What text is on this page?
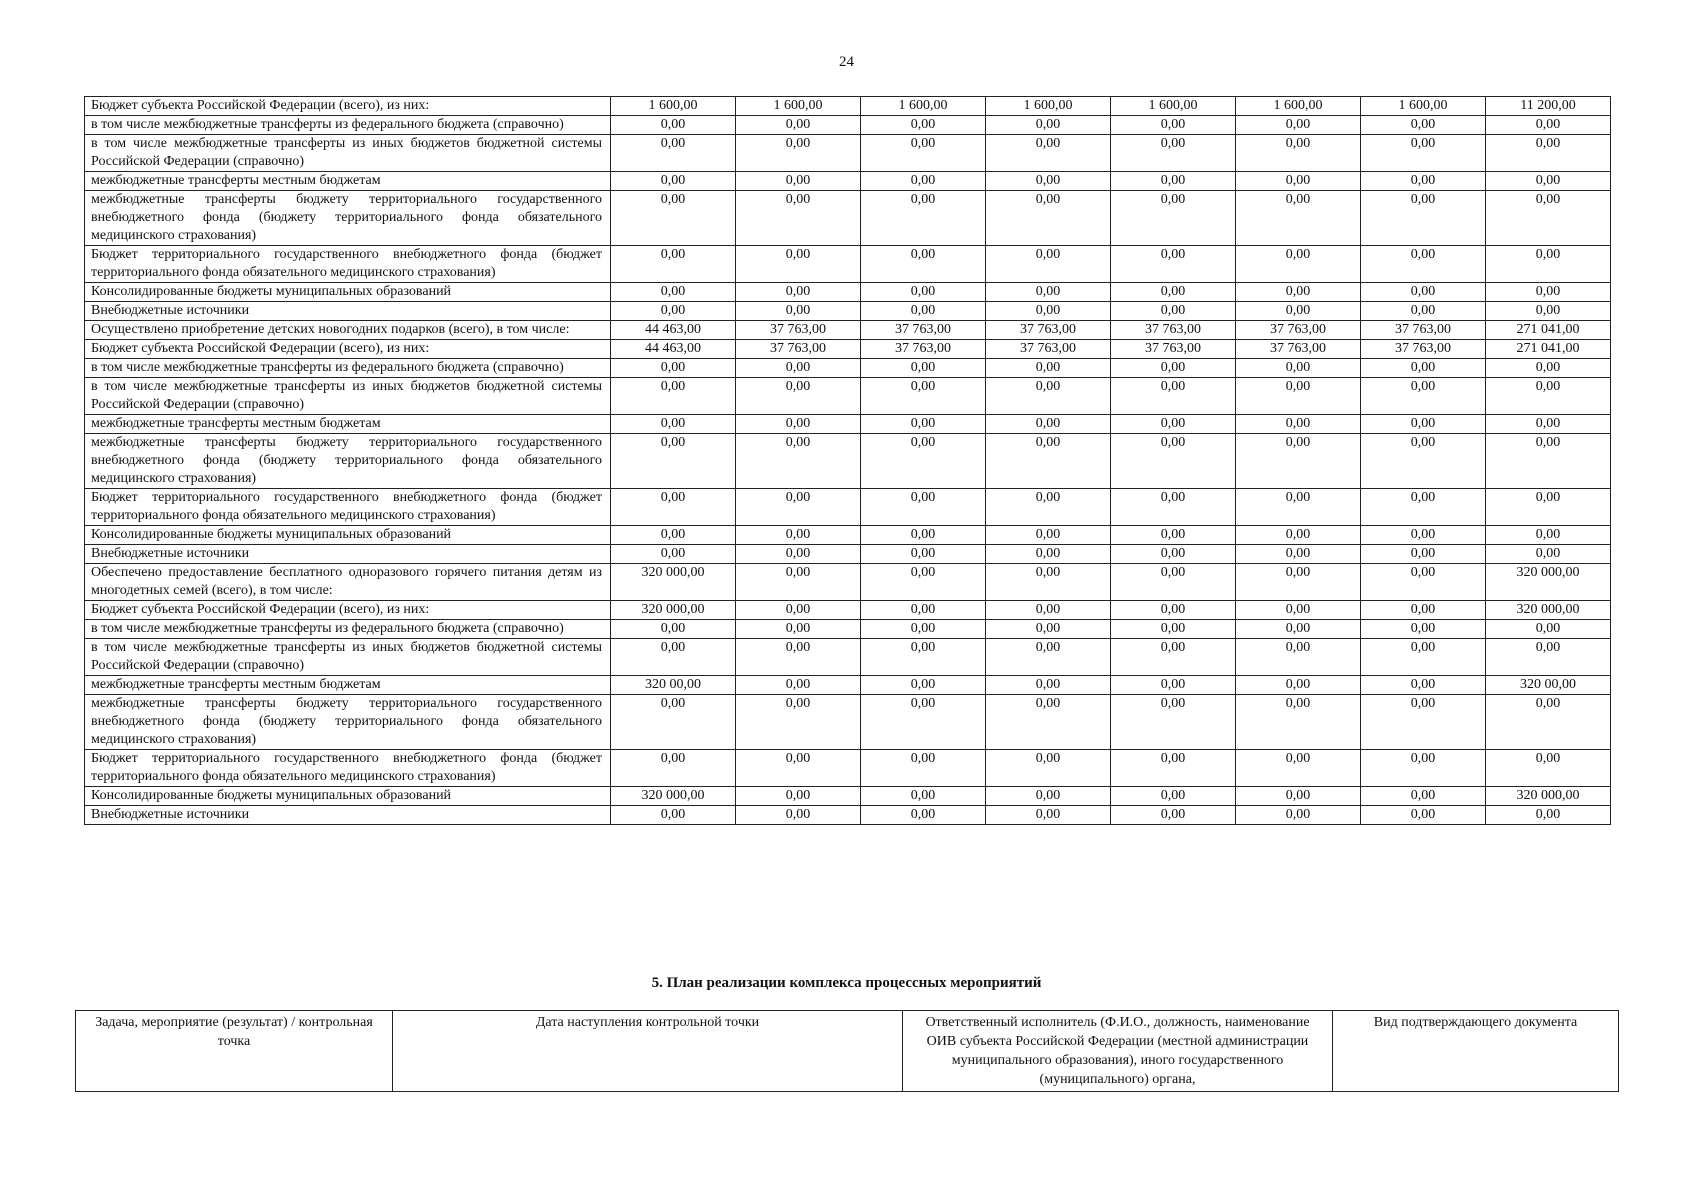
24
Бюджет субъекта Российской Федерации (всего), из них:	1 600,00	1 600,00	1 600,00	1 600,00	1 600,00	1 600,00	1 600,00	11 200,00
в том числе межбюджетные трансферты из федерального бюджета (справочно)	0,00	0,00	0,00	0,00	0,00	0,00	0,00	0,00
в том числе межбюджетные трансферты из иных бюджетов бюджетной системы Российской Федерации (справочно)	0,00	0,00	0,00	0,00	0,00	0,00	0,00	0,00
межбюджетные трансферты местным бюджетам	0,00	0,00	0,00	0,00	0,00	0,00	0,00	0,00
межбюджетные трансферты бюджету территориального государственного внебюджетного фонда (бюджету территориального фонда обязательного медицинского страхования)	0,00	0,00	0,00	0,00	0,00	0,00	0,00	0,00
Бюджет территориального государственного внебюджетного фонда (бюджет территориального фонда обязательного медицинского страхования)	0,00	0,00	0,00	0,00	0,00	0,00	0,00	0,00
Консолидированные бюджеты муниципальных образований	0,00	0,00	0,00	0,00	0,00	0,00	0,00	0,00
Внебюджетные источники	0,00	0,00	0,00	0,00	0,00	0,00	0,00	0,00
Осуществлено приобретение детских новогодних подарков (всего), в том числе:	44 463,00	37 763,00	37 763,00	37 763,00	37 763,00	37 763,00	37 763,00	271 041,00
Бюджет субъекта Российской Федерации (всего), из них:	44 463,00	37 763,00	37 763,00	37 763,00	37 763,00	37 763,00	37 763,00	271 041,00
в том числе межбюджетные трансферты из федерального бюджета (справочно)	0,00	0,00	0,00	0,00	0,00	0,00	0,00	0,00
в том числе межбюджетные трансферты из иных бюджетов бюджетной системы Российской Федерации (справочно)	0,00	0,00	0,00	0,00	0,00	0,00	0,00	0,00
межбюджетные трансферты местным бюджетам	0,00	0,00	0,00	0,00	0,00	0,00	0,00	0,00
межбюджетные трансферты бюджету территориального государственного внебюджетного фонда (бюджету территориального фонда обязательного медицинского страхования)	0,00	0,00	0,00	0,00	0,00	0,00	0,00	0,00
Бюджет территориального государственного внебюджетного фонда (бюджет территориального фонда обязательного медицинского страхования)	0,00	0,00	0,00	0,00	0,00	0,00	0,00	0,00
Консолидированные бюджеты муниципальных образований	0,00	0,00	0,00	0,00	0,00	0,00	0,00	0,00
Внебюджетные источники	0,00	0,00	0,00	0,00	0,00	0,00	0,00	0,00
Обеспечено предоставление бесплатного одноразового горячего питания детям из многодетных семей (всего), в том числе:	320 000,00	0,00	0,00	0,00	0,00	0,00	0,00	320 000,00
Бюджет субъекта Российской Федерации (всего), из них:	320 000,00	0,00	0,00	0,00	0,00	0,00	0,00	320 000,00
в том числе межбюджетные трансферты из федерального бюджета (справочно)	0,00	0,00	0,00	0,00	0,00	0,00	0,00	0,00
в том числе межбюджетные трансферты из иных бюджетов бюджетной системы Российской Федерации (справочно)	0,00	0,00	0,00	0,00	0,00	0,00	0,00	0,00
межбюджетные трансферты местным бюджетам	320 00,00	0,00	0,00	0,00	0,00	0,00	0,00	320 00,00
межбюджетные трансферты бюджету территориального государственного внебюджетного фонда (бюджету территориального фонда обязательного медицинского страхования)	0,00	0,00	0,00	0,00	0,00	0,00	0,00	0,00
Бюджет территориального государственного внебюджетного фонда (бюджет территориального фонда обязательного медицинского страхования)	0,00	0,00	0,00	0,00	0,00	0,00	0,00	0,00
Консолидированные бюджеты муниципальных образований	320 000,00	0,00	0,00	0,00	0,00	0,00	0,00	320 000,00
Внебюджетные источники	0,00	0,00	0,00	0,00	0,00	0,00	0,00	0,00
5. План реализации комплекса процессных мероприятий
Задача, мероприятие (результат) / контрольная точка	Дата наступления контрольной точки	Ответственный исполнитель (Ф.И.О., должность, наименование ОИВ субъекта Российской Федерации (местной администрации муниципального образования), иного государственного (муниципального) органа,	Вид подтверждающего документа
